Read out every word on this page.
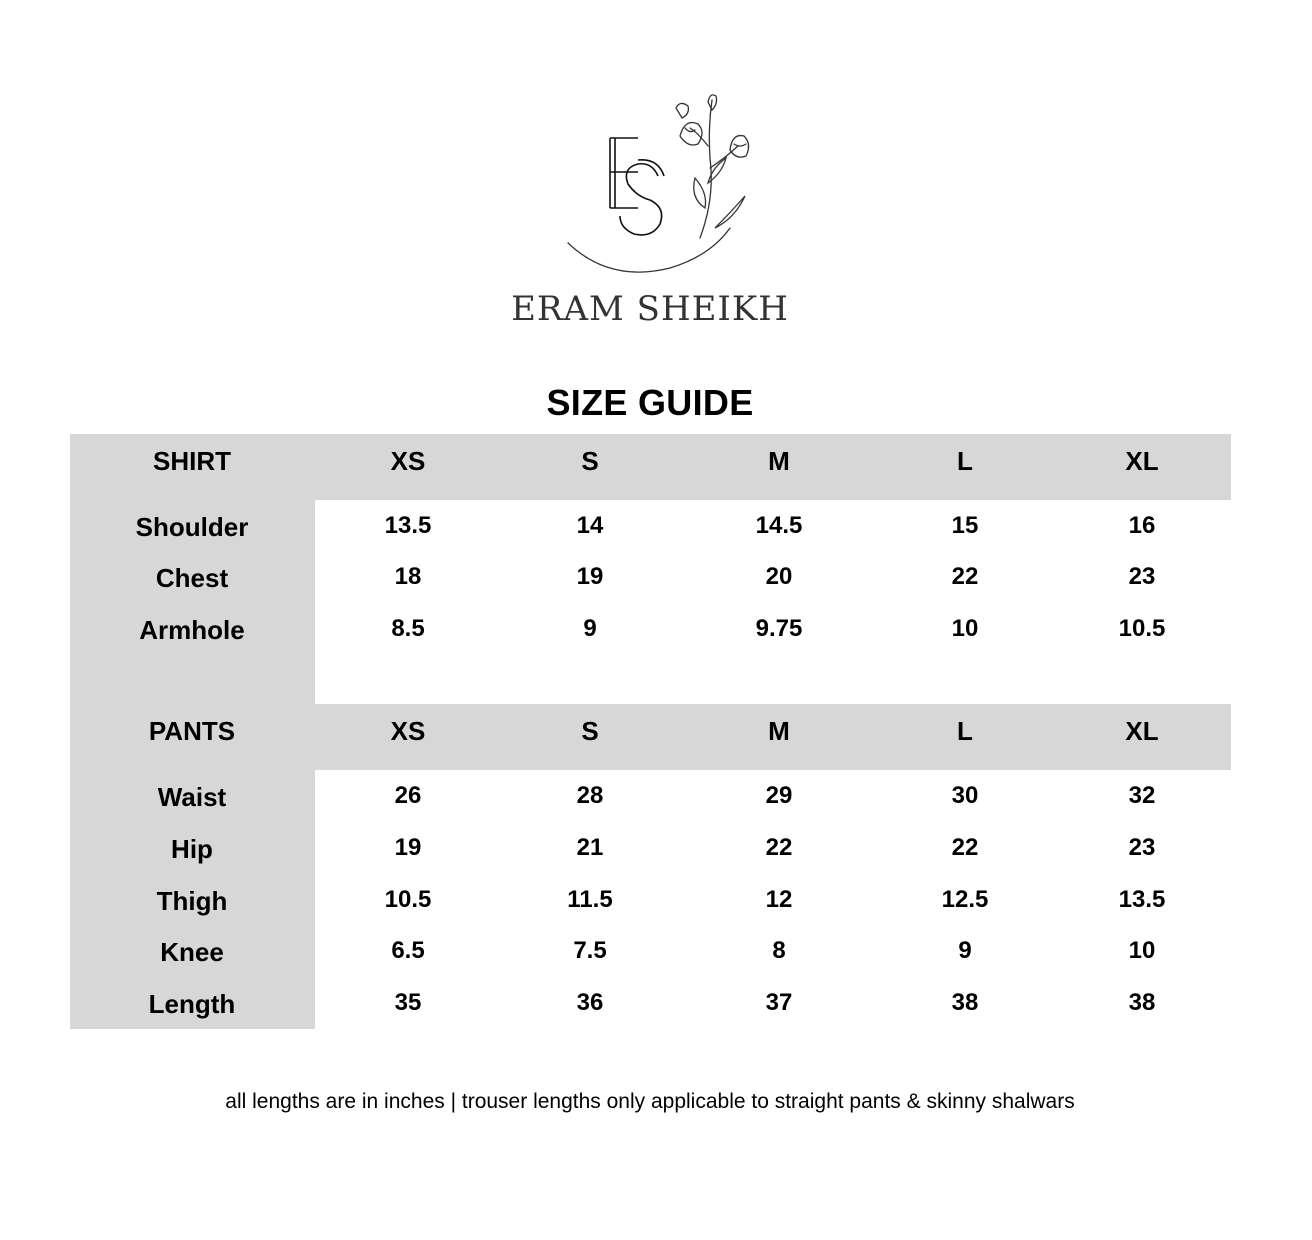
ERAM SHEIKH
SIZE GUIDE
SHIRT	XS	S	M	L	XL
Shoulder	13.5	14	14.5	15	16
Chest	18	19	20	22	23
Armhole	8.5	9	9.75	10	10.5
PANTS	XS	S	M	L	XL
Waist	26	28	29	30	32
Hip	19	21	22	22	23
Thigh	10.5	11.5	12	12.5	13.5
Knee	6.5	7.5	8	9	10
Length	35	36	37	38	38
all lengths are in inches | trouser lengths only applicable to straight pants & skinny shalwars
